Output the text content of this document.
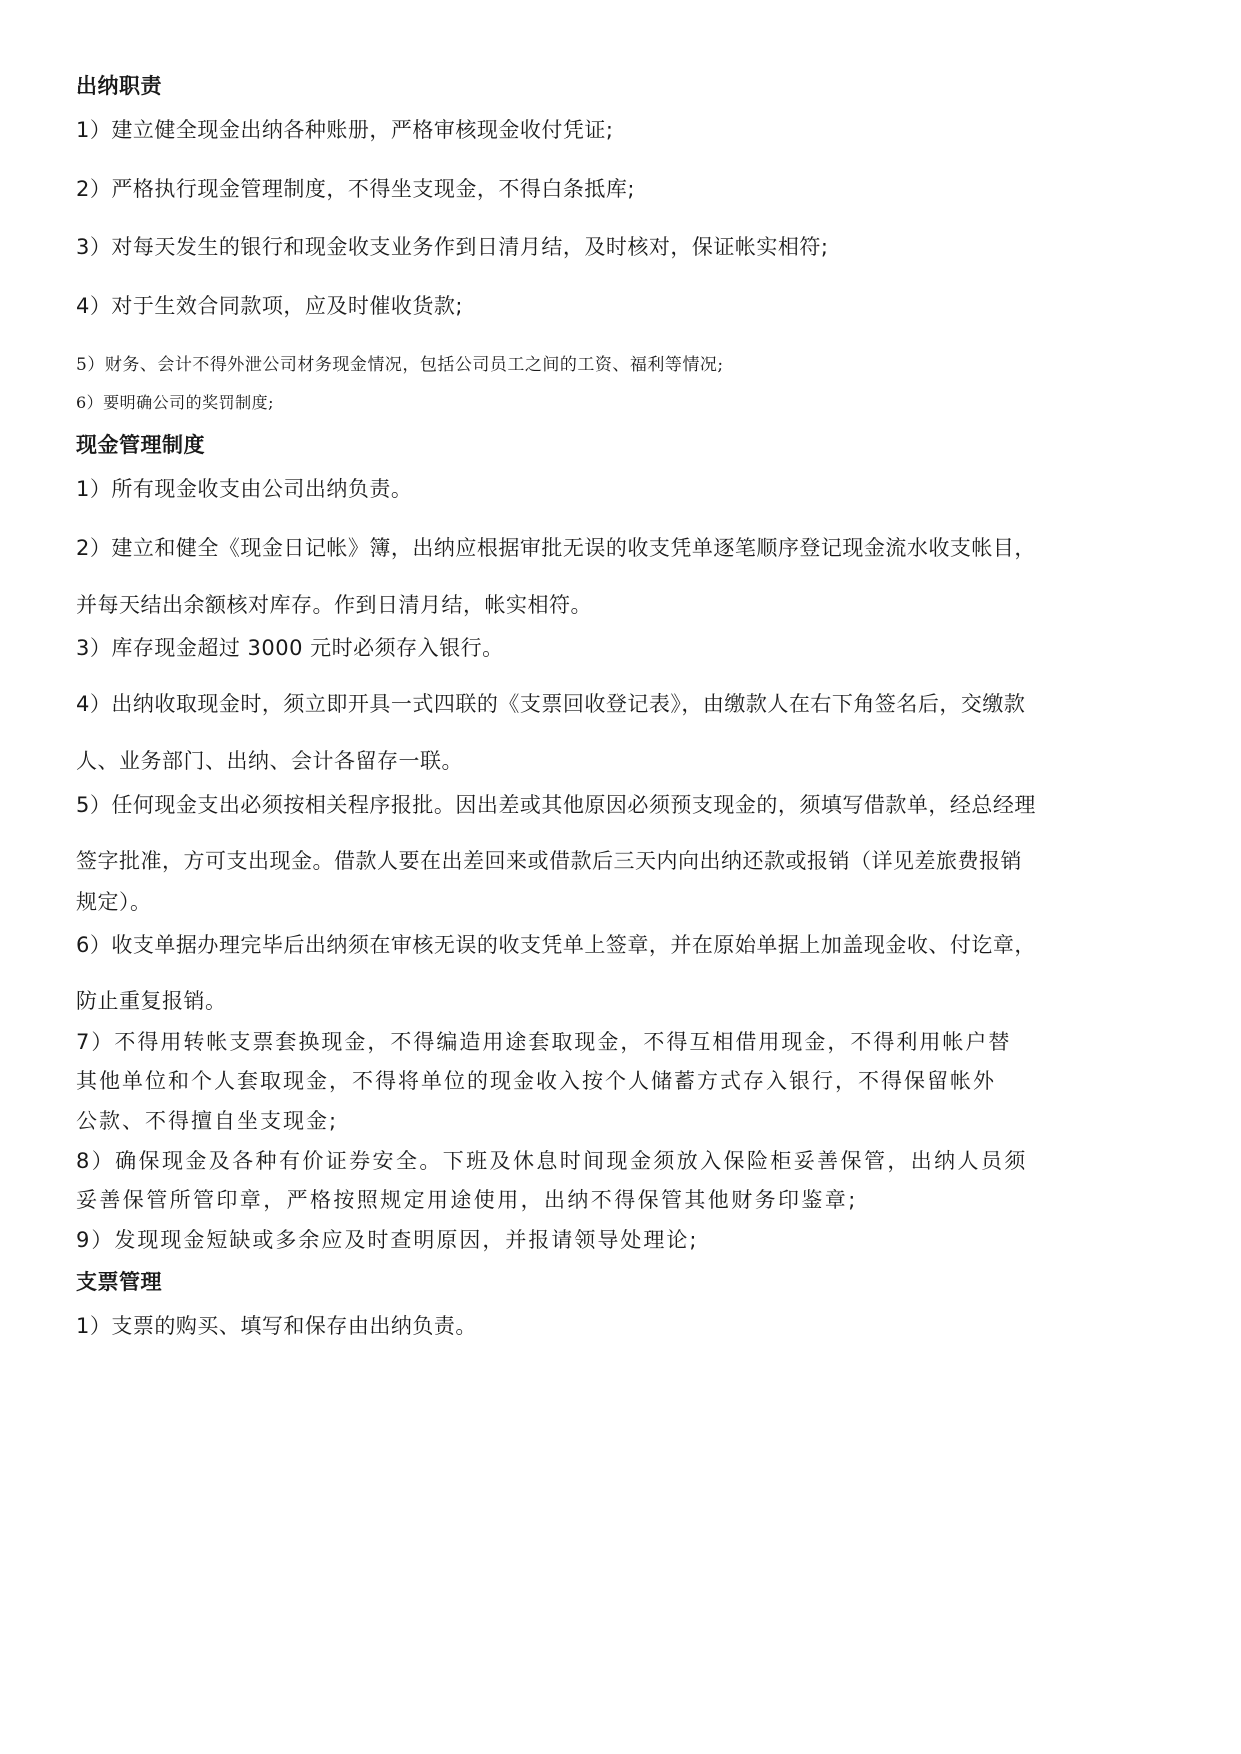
出纳职责
1）建立健全现金出纳各种账册，严格审核现金收付凭证;
2）严格执行现金管理制度，不得坐支现金，不得白条抵库;
3）对每天发生的银行和现金收支业务作到日清月结，及时核对，保证帐实相符;
4）对于生效合同款项，应及时催收货款;
5）财务、会计不得外泄公司材务现金情况，包括公司员工之间的工资、福利等情况;
6）要明确公司的奖罚制度;
现金管理制度
1）所有现金收支由公司出纳负责。
2）建立和健全《现金日记帐》簿，出纳应根据审批无误的收支凭单逐笔顺序登记现金流水收支帐目，
并每天结出余额核对库存。作到日清月结，帐实相符。
3）库存现金超过 3000 元时必须存入银行。
4）出纳收取现金时，须立即开具一式四联的《支票回收登记表》，由缴款人在右下角签名后，交缴款
人、业务部门、出纳、会计各留存一联。
5）任何现金支出必须按相关程序报批。因出差或其他原因必须预支现金的，须填写借款单，经总经理
签字批准，方可支出现金。借款人要在出差回来或借款后三天内向出纳还款或报销（详见差旅费报销
规定）。
6）收支单据办理完毕后出纳须在审核无误的收支凭单上签章，并在原始单据上加盖现金收、付讫章，
防止重复报销。
7）不得用转帐支票套换现金，不得编造用途套取现金，不得互相借用现金，不得利用帐户替
其他单位和个人套取现金，不得将单位的现金收入按个人储蓄方式存入银行，不得保留帐外
公款、不得擅自坐支现金;
8）确保现金及各种有价证券安全。下班及休息时间现金须放入保险柜妥善保管，出纳人员须
妥善保管所管印章，严格按照规定用途使用，出纳不得保管其他财务印鉴章;
9）发现现金短缺或多余应及时查明原因，并报请领导处理论;
支票管理
1）支票的购买、填写和保存由出纳负责。
